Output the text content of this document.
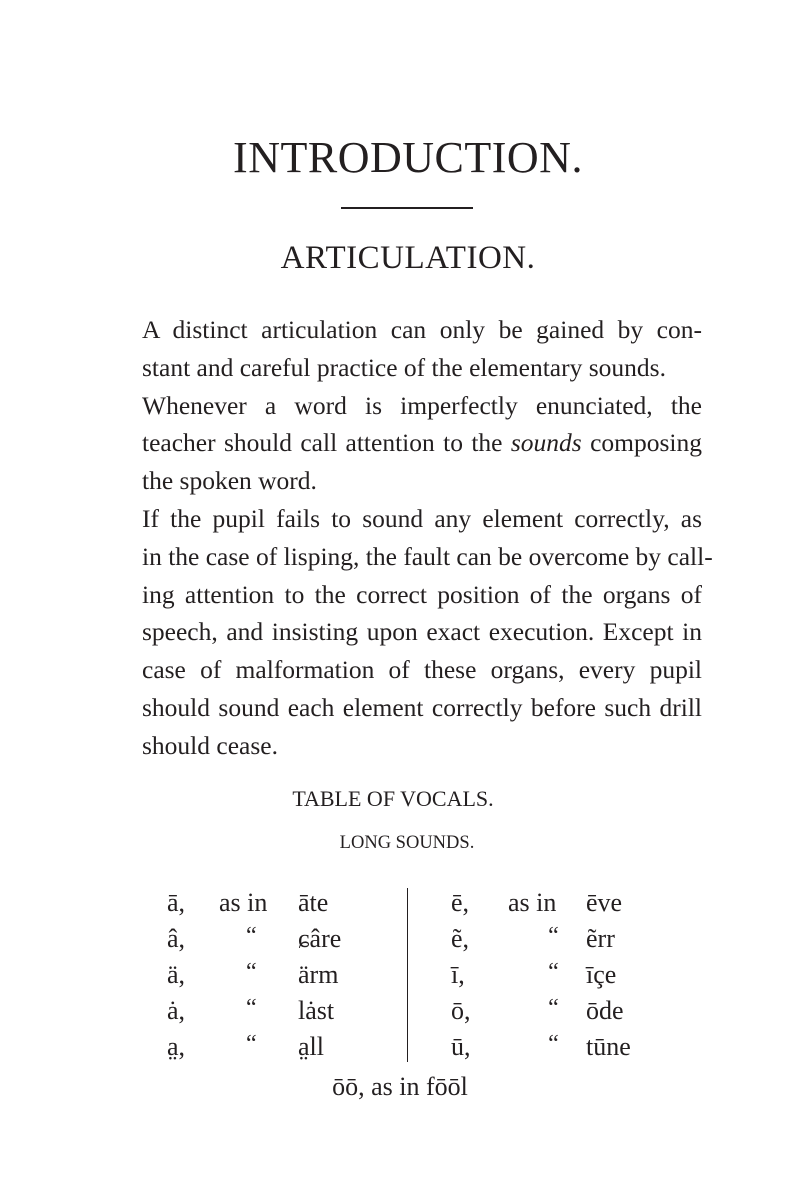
INTRODUCTION.
ARTICULATION.

A distinct articulation can only be gained by con-
stant and careful practice of the elementary sounds.

Whenever a word is imperfectly enunciated, the
teacher should call attention to the sounds composing
the spoken word.

If the pupil fails to sound any element correctly, as
in the case of lisping, the fault can be overcome by call-
ing attention to the correct position of the organs of
speech, and insisting upon exact execution. Except in
case of malformation of these organs, every pupil
should sound each element correctly before such drill
should cease.

TABLE OF VOCALS.
LONG SOUNDS.
ā, as in āte	ē, as in ēve
â,	“ ɕâre	ẽ,	“ ẽrr
ä,	“ ärm	ī,	“ īçe
ȧ,	“ lȧst	ō,	“ ōde
a̤,	“ a̤ll	ū,	“ tūne
ōō, as in fōōl
